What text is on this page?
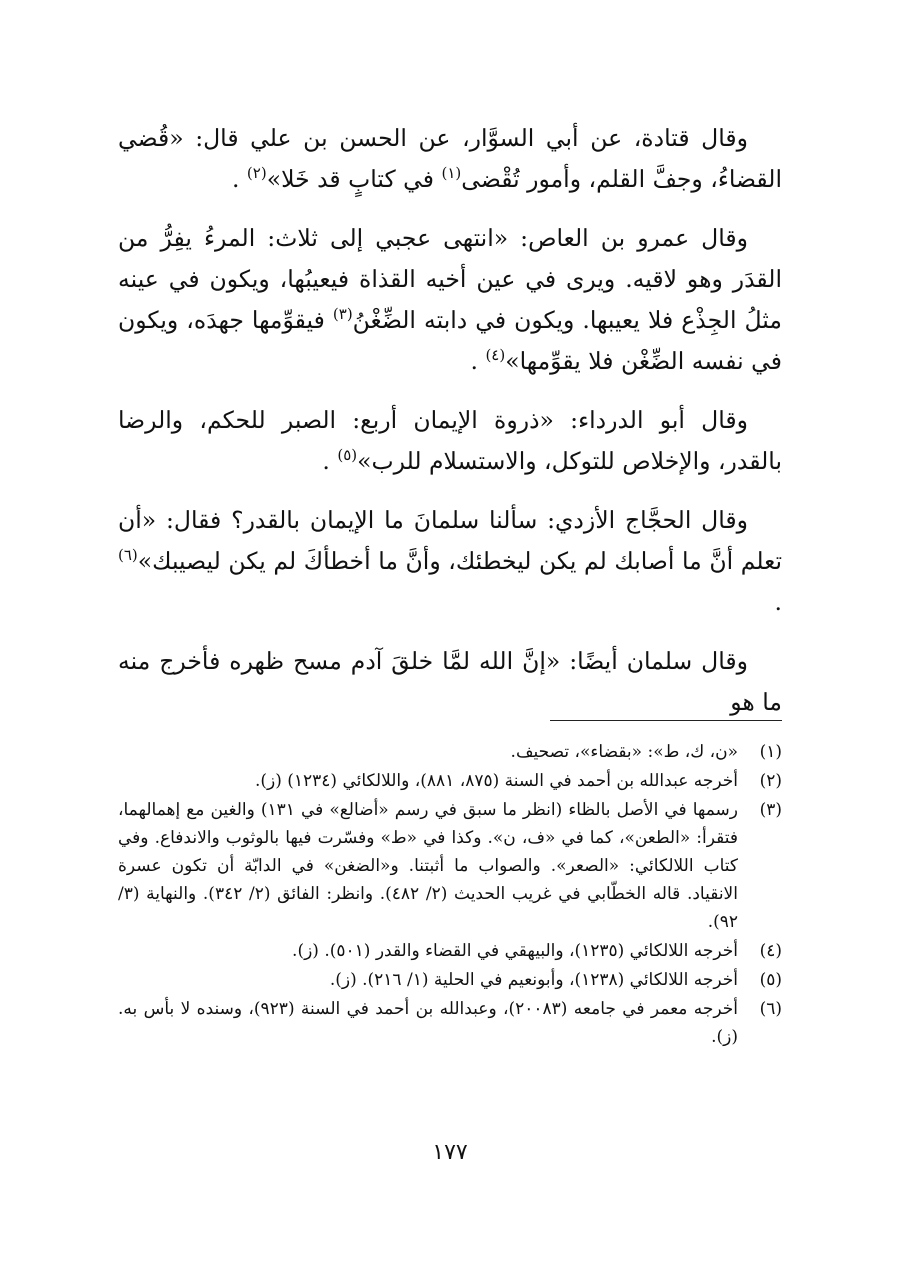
وقال قتادة، عن أبي السوَّار، عن الحسن بن علي قال: «قُضي القضاءُ، وجفَّ القلم، وأمور تُقْضى$^{(١)}$ في كتابٍ قد خَلا»$^{(٢)}$ .

وقال عمرو بن العاص: «انتهى عجبي إلى ثلاث: المرءُ يفِرُّ من القدَر وهو لاقيه. ويرى في عين أخيه القذاة فيعيبُها، ويكون في عينه مثلُ الجِذْع فلا يعيبها. ويكون في دابته الضِّغْنُ$^{(٣)}$ فيقوِّمها جهدَه، ويكون في نفسه الضِّغْن فلا يقوِّمها»$^{(٤)}$ .

وقال أبو الدرداء: «ذروة الإيمان أربع: الصبر للحكم، والرضا بالقدر، والإخلاص للتوكل، والاستسلام للرب»$^{(٥)}$ .

وقال الحجَّاج الأزدي: سألنا سلمانَ ما الإيمان بالقدر؟ فقال: «أن تعلم أنَّ ما أصابك لم يكن ليخطئك، وأنَّ ما أخطأكَ لم يكن ليصيبك»$^{(٦)}$ .

وقال سلمان أيضًا: «إنَّ الله لمَّا خلقَ آدم مسح ظهره فأخرج منه ما هو

(١)
«ن، ك، ط»: «بقضاء»، تصحيف.
(٢)
أخرجه عبدالله بن أحمد في السنة (٨٧٥، ٨٨١)، واللالكائي (١٢٣٤) (ز).
(٣)
رسمها في الأصل بالظاء (انظر ما سبق في رسم «أضالع» في ١٣١) والغين مع إهمالهما، فتقرأ: «الطعن»، كما في «ف، ن». وكذا في «ط» وفسّرت فيها بالوثوب والاندفاع. وفي كتاب اللالكائي: «الصعر». والصواب ما أثبتنا. و«الضغن» في الدابّة أن تكون عسرة الانقياد. قاله الخطّابي في غريب الحديث (٢/ ٤٨٢). وانظر: الفائق (٢/ ٣٤٢). والنهاية (٣/ ٩٢).
(٤)
أخرجه اللالكائي (١٢٣٥)، والبيهقي في القضاء والقدر (٥٠١). (ز).
(٥)
أخرجه اللالكائي (١٢٣٨)، وأبونعيم في الحلية (١/ ٢١٦). (ز).
(٦)
أخرجه معمر في جامعه (٢٠٠٨٣)، وعبدالله بن أحمد في السنة (٩٢٣)، وسنده لا بأس به. (ز).
١٧٧
